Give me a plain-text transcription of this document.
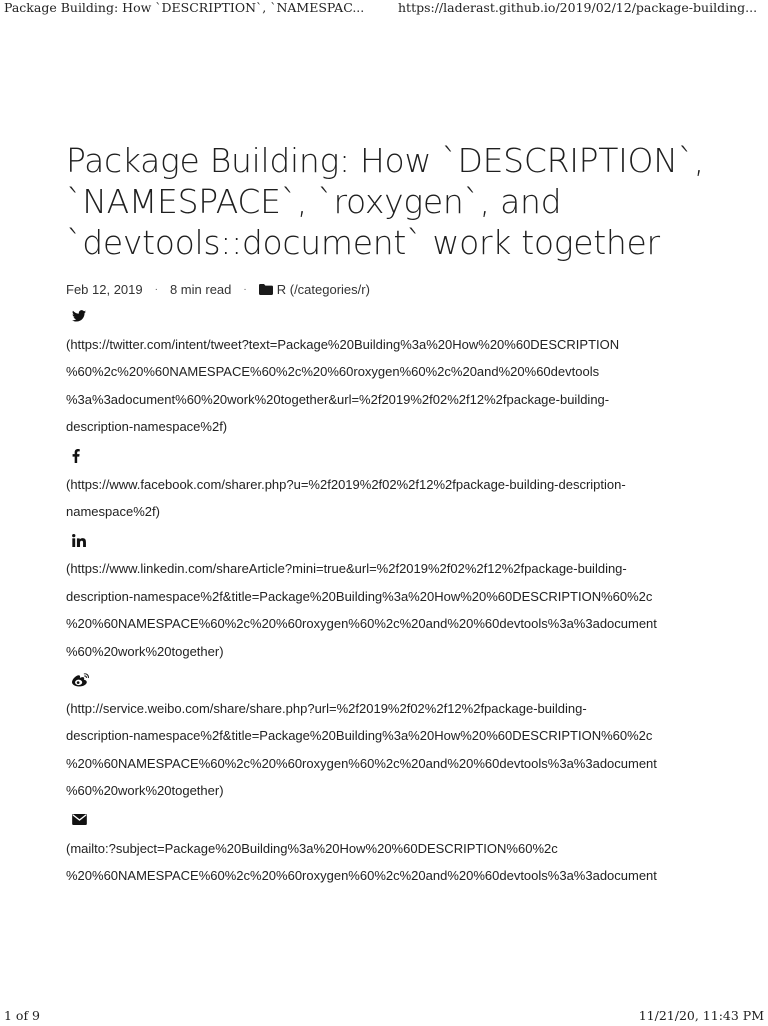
Package Building: How `DESCRIPTION`, `NAMESPAC...	https://laderast.github.io/2019/02/12/package-building...
Package Building: How `DESCRIPTION`, `NAMESPACE`, `roxygen`, and `devtools::document` work together
Feb 12, 2019 · 8 min read · R (/categories/r)

(https://twitter.com/intent/tweet?text=Package%20Building%3a%20How%20%60DESCRIPTION
%60%2c%20%60NAMESPACE%60%2c%20%60roxygen%60%2c%20and%20%60devtools
%3a%3adocument%60%20work%20together&url=%2f2019%2f02%2f12%2fpackage-building-
description-namespace%2f)

(https://www.facebook.com/sharer.php?u=%2f2019%2f02%2f12%2fpackage-building-description-
namespace%2f)

(https://www.linkedin.com/shareArticle?mini=true&url=%2f2019%2f02%2f12%2fpackage-building-
description-namespace%2f&title=Package%20Building%3a%20How%20%60DESCRIPTION%60%2c
%20%60NAMESPACE%60%2c%20%60roxygen%60%2c%20and%20%60devtools%3a%3adocument
%60%20work%20together)

(http://service.weibo.com/share/share.php?url=%2f2019%2f02%2f12%2fpackage-building-
description-namespace%2f&title=Package%20Building%3a%20How%20%60DESCRIPTION%60%2c
%20%60NAMESPACE%60%2c%20%60roxygen%60%2c%20and%20%60devtools%3a%3adocument
%60%20work%20together)

(mailto:?subject=Package%20Building%3a%20How%20%60DESCRIPTION%60%2c
%20%60NAMESPACE%60%2c%20%60roxygen%60%2c%20and%20%60devtools%3a%3adocument

1 of 9	11/21/20, 11:43 PM
